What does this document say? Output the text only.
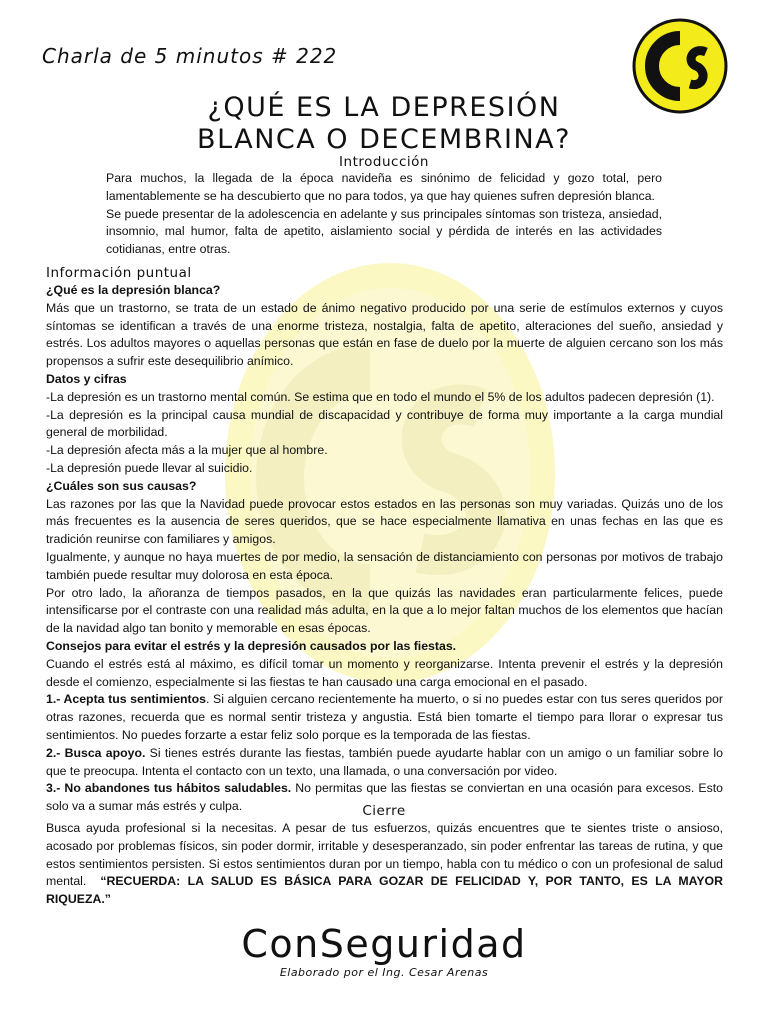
Charla de 5 minutos # 222
¿QUÉ ES LA DEPRESIÓN
BLANCA O DECEMBRINA?
Introducción

Para muchos, la llegada de la época navideña es sinónimo de felicidad y gozo total, pero lamentablemente se ha descubierto que no para todos, ya que hay quienes sufren depresión blanca.

Se puede presentar de la adolescencia en adelante y sus principales síntomas son tristeza, ansiedad, insomnio, mal humor, falta de apetito, aislamiento social y pérdida de interés en las actividades cotidianas, entre otras.

Información puntual

¿Qué es la depresión blanca?

Más que un trastorno, se trata de un estado de ánimo negativo producido por una serie de estímulos externos y cuyos síntomas se identifican a través de una enorme tristeza, nostalgia, falta de apetito, alteraciones del sueño, ansiedad y estrés. Los adultos mayores o aquellas personas que están en fase de duelo por la muerte de alguien cercano son los más propensos a sufrir este desequilibrio anímico.

Datos y cifras

-La depresión es un trastorno mental común. Se estima que en todo el mundo el 5% de los adultos padecen depresión (1).

-La depresión es la principal causa mundial de discapacidad y contribuye de forma muy importante a la carga mundial general de morbilidad.

-La depresión afecta más a la mujer que al hombre.

-La depresión puede llevar al suicidio.

¿Cuáles son sus causas?

Las razones por las que la Navidad puede provocar estos estados en las personas son muy variadas. Quizás uno de los más frecuentes es la ausencia de seres queridos, que se hace especialmente llamativa en unas fechas en las que es tradición reunirse con familiares y amigos.

Igualmente, y aunque no haya muertes de por medio, la sensación de distanciamiento con personas por motivos de trabajo también puede resultar muy dolorosa en esta época.

Por otro lado, la añoranza de tiempos pasados, en la que quizás las navidades eran particularmente felices, puede intensificarse por el contraste con una realidad más adulta, en la que a lo mejor faltan muchos de los elementos que hacían de la navidad algo tan bonito y memorable en esas épocas.

Consejos para evitar el estrés y la depresión causados por las fiestas.

Cuando el estrés está al máximo, es difícil tomar un momento y reorganizarse. Intenta prevenir el estrés y la depresión desde el comienzo, especialmente si las fiestas te han causado una carga emocional en el pasado.

1.- Acepta tus sentimientos. Si alguien cercano recientemente ha muerto, o si no puedes estar con tus seres queridos por otras razones, recuerda que es normal sentir tristeza y angustia. Está bien tomarte el tiempo para llorar o expresar tus sentimientos. No puedes forzarte a estar feliz solo porque es la temporada de las fiestas.

2.- Busca apoyo. Si tienes estrés durante las fiestas, también puede ayudarte hablar con un amigo o un familiar sobre lo que te preocupa. Intenta el contacto con un texto, una llamada, o una conversación por video.

3.- No abandones tus hábitos saludables. No permitas que las fiestas se conviertan en una ocasión para excesos. Esto solo va a sumar más estrés y culpa.	Cierre

Busca ayuda profesional si la necesitas. A pesar de tus esfuerzos, quizás encuentres que te sientes triste o ansioso, acosado por problemas físicos, sin poder dormir, irritable y desesperanzado, sin poder enfrentar las tareas de rutina, y que estos sentimientos persisten. Si estos sentimientos duran por un tiempo, habla con tu médico o con un profesional de salud mental. “RECUERDA: LA SALUD ES BÁSICA PARA GOZAR DE FELICIDAD Y, POR TANTO, ES LA MAYOR RIQUEZA.”

ConSeguridad
Elaborado por el Ing. Cesar Arenas
